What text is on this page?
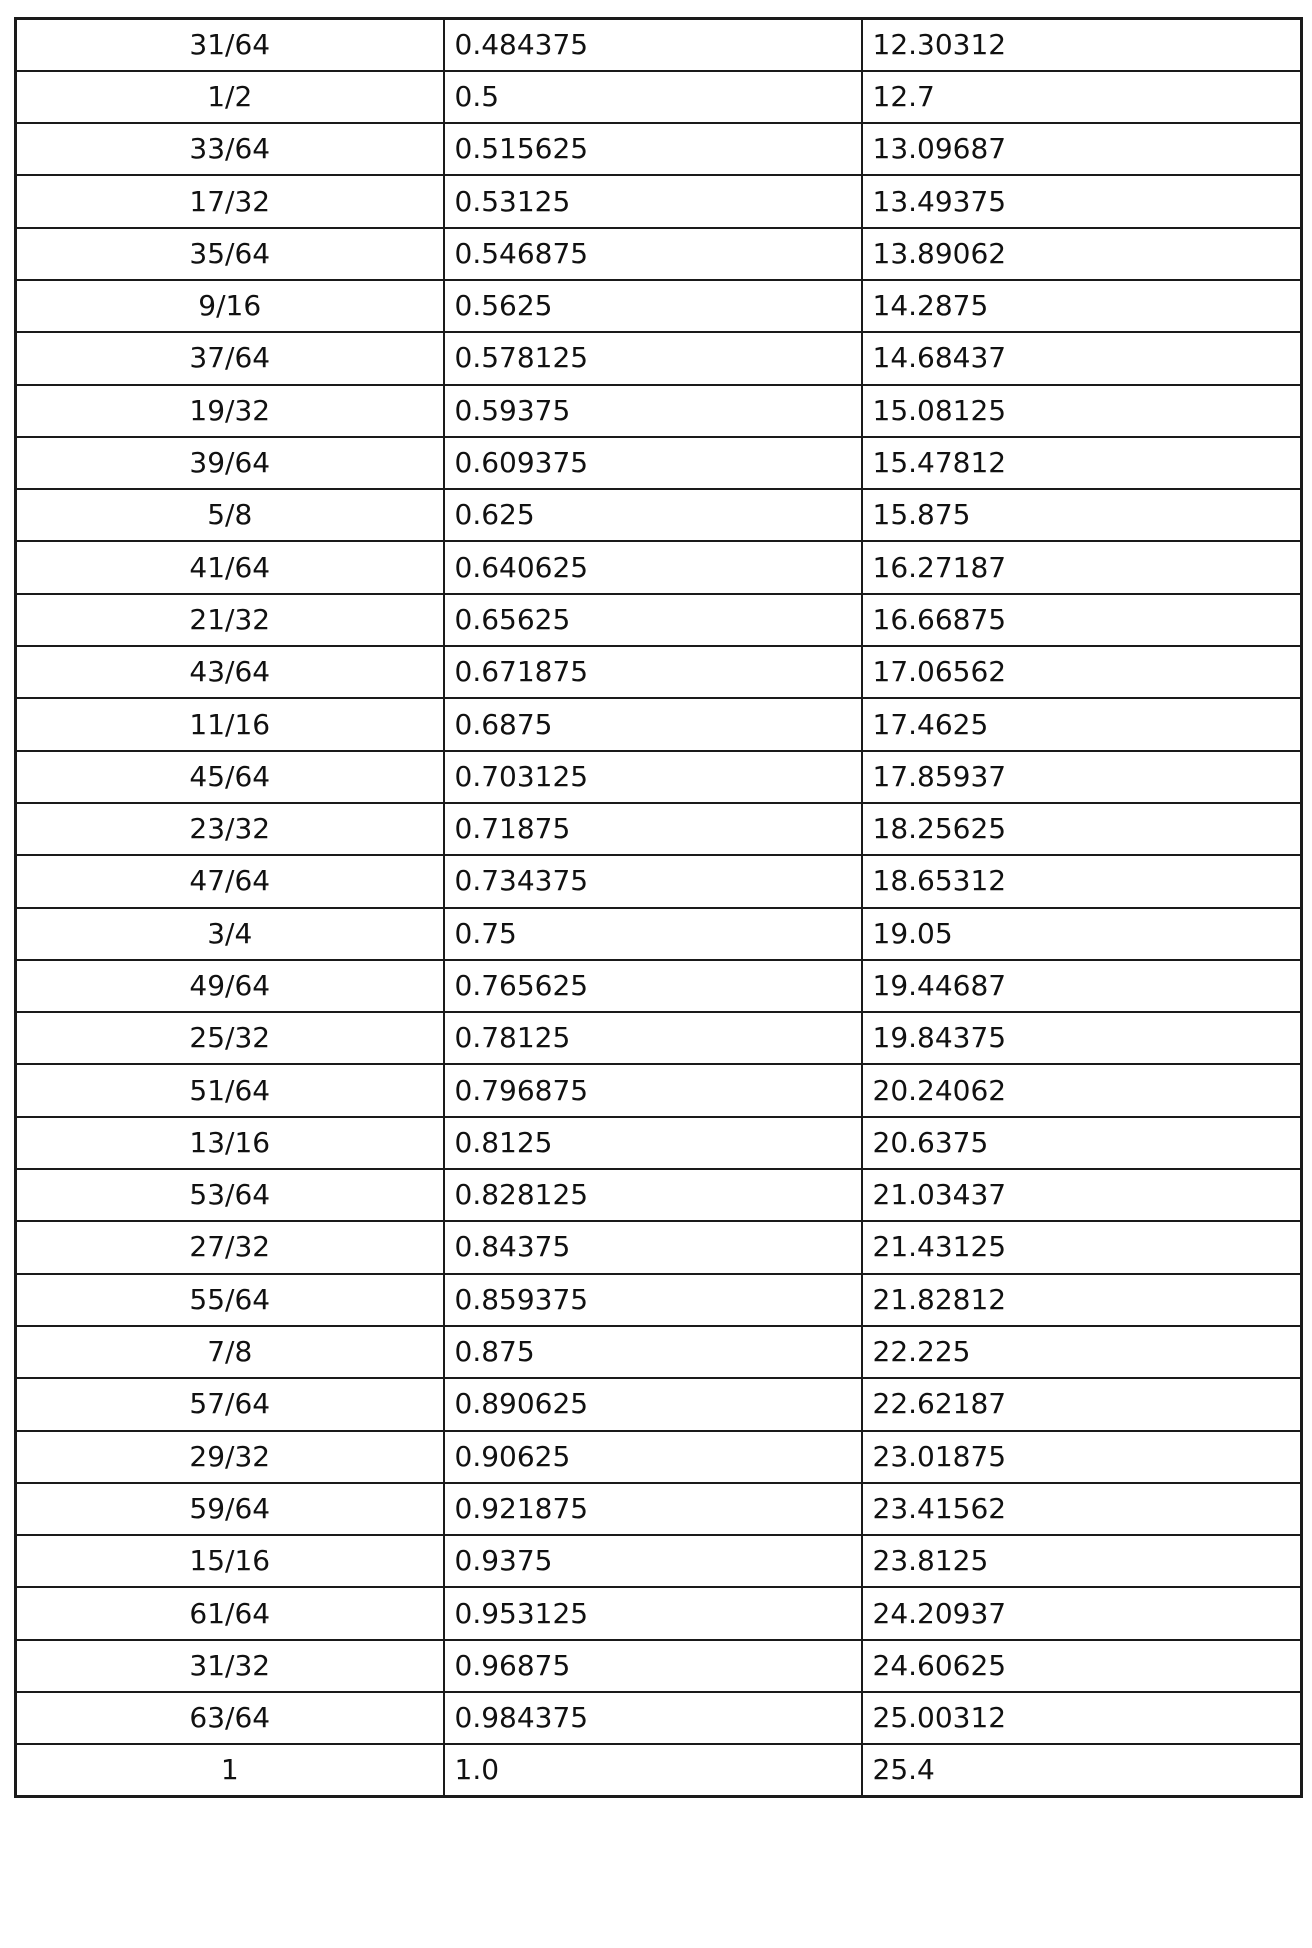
31/64	0.484375	12.30312
1/2	0.5	12.7
33/64	0.515625	13.09687
17/32	0.53125	13.49375
35/64	0.546875	13.89062
9/16	0.5625	14.2875
37/64	0.578125	14.68437
19/32	0.59375	15.08125
39/64	0.609375	15.47812
5/8	0.625	15.875
41/64	0.640625	16.27187
21/32	0.65625	16.66875
43/64	0.671875	17.06562
11/16	0.6875	17.4625
45/64	0.703125	17.85937
23/32	0.71875	18.25625
47/64	0.734375	18.65312
3/4	0.75	19.05
49/64	0.765625	19.44687
25/32	0.78125	19.84375
51/64	0.796875	20.24062
13/16	0.8125	20.6375
53/64	0.828125	21.03437
27/32	0.84375	21.43125
55/64	0.859375	21.82812
7/8	0.875	22.225
57/64	0.890625	22.62187
29/32	0.90625	23.01875
59/64	0.921875	23.41562
15/16	0.9375	23.8125
61/64	0.953125	24.20937
31/32	0.96875	24.60625
63/64	0.984375	25.00312
1	1.0	25.4
